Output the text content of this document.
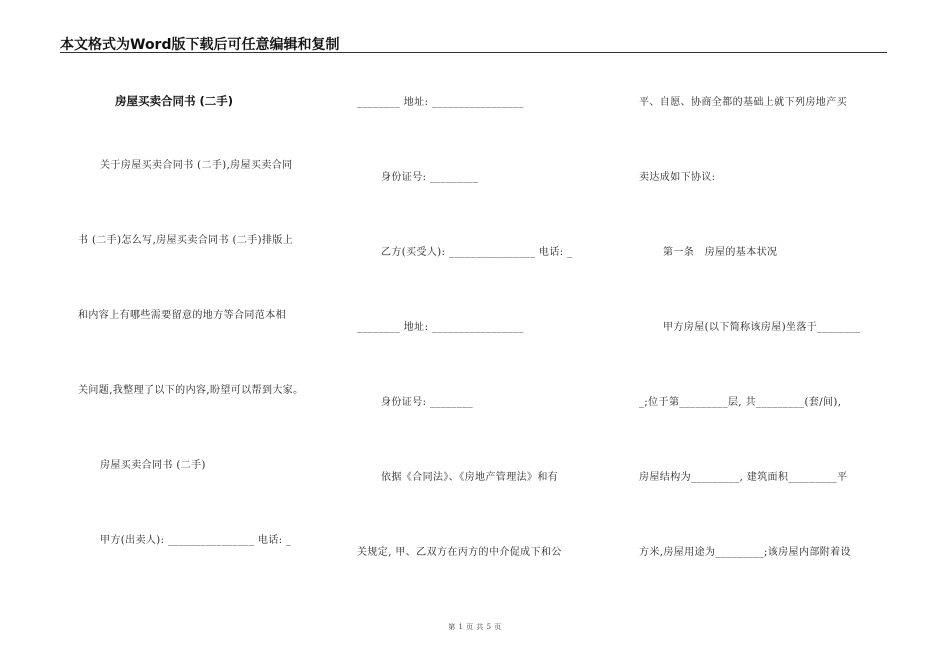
本文格式为Word版下载后可任意编辑和复制
房屋买卖合同书 (二手)
关于房屋买卖合同书 (二手),房屋买卖合同
书 (二手)怎么写,房屋买卖合同书 (二手)排版上
和内容上有哪些需要留意的地方等合同范本相
关问题,我整理了以下的内容,盼望可以帮到大家。
房屋买卖合同书 (二手)
甲方(出卖人): ________________ 电话: _
________ 地址: _________________
身份证号: _________
乙方(买受人): ________________ 电话: _
________ 地址: _________________
身份证号: ________
依据《合同法》、《房地产管理法》和有
关规定, 甲、乙双方在丙方的中介促成下和公
平、自愿、协商全都的基础上就下列房地产买
卖达成如下协议:
第一条　房屋的基本状况
甲方房屋(以下简称该房屋)坐落于________
_;位于第_________层, 共_________(套/间),
房屋结构为_________, 建筑面积_________平
方米,房屋用途为_________;该房屋内部附着设
第 1 页 共 5 页
